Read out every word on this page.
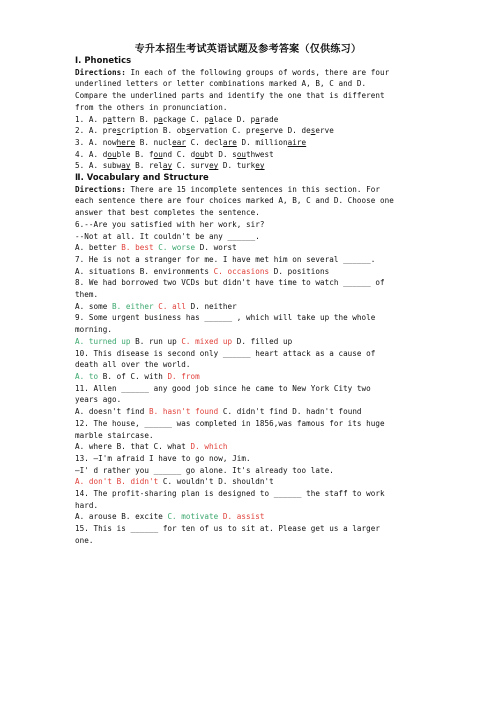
专升本招生考试英语试题及参考答案（仅供练习）
Ⅰ. Phonetics
Directions: In each of the following groups of words, there are four
underlined letters or letter combinations marked A, B, C and D.
Compare the underlined parts and identify the one that is different
from the others in pronunciation.
1. A. pattern B. package C. palace D. parade
2. A. prescription B. observation C. preserve D. deserve
3. A. nowhere B. nuclear C. declare D. millionaire
4. A. double B. found C. doubt D. southwest
5. A. subway B. relay C. survey D. turkey
Ⅱ. Vocabulary and Structure
Directions: There are 15 incomplete sentences in this section. For
each sentence there are four choices marked A, B, C and D. Choose one
answer that best completes the sentence.
6.--Are you satisfied with her work, sir?
--Not at all. It couldn't be any ______.
A. better B. best C. worse D. worst
7. He is not a stranger for me. I have met him on several ______.
A. situations B. environments C. occasions D. positions
8. We had borrowed two VCDs but didn't have time to watch ______ of
them.
A. some B. either C. all D. neither
9. Some urgent business has ______ , which will take up the whole
morning.
A. turned up B. run up C. mixed up D. filled up
10. This disease is second only ______ heart attack as a cause of
death all over the world.
A. to B. of C. with D. from
11. Allen ______ any good job since he came to New York City two
years ago.
A. doesn't find B. hasn't found C. didn't find D. hadn't found
12. The house, ______ was completed in 1856,was famous for its huge
marble staircase.
A. where B. that C. what D. which
13. —I'm afraid I have to go now, Jim.
—I' d rather you ______ go alone. It's already too late.
A. don't B. didn't C. wouldn't D. shouldn't
14. The profit-sharing plan is designed to ______ the staff to work
hard.
A. arouse B. excite C. motivate D. assist
15. This is ______ for ten of us to sit at. Please get us a larger
one.
